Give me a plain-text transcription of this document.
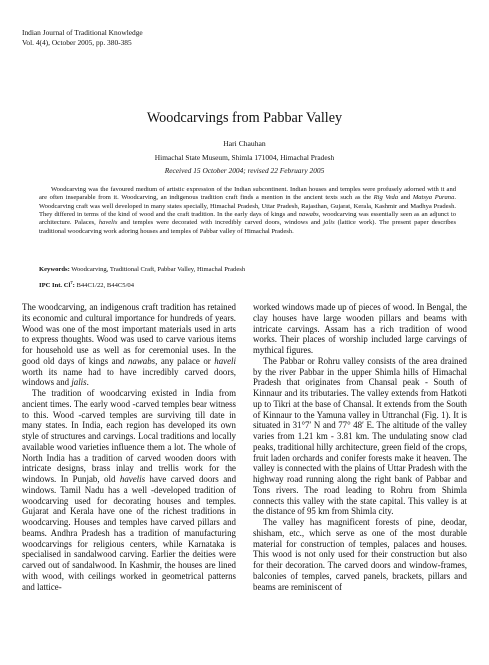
Indian Journal of Traditional Knowledge
Vol. 4(4), October 2005, pp. 380-385
Woodcarvings from Pabbar Valley
Hari Chauhan
Himachal State Museum, Shimla 171004, Himachal Pradesh
Received 15 October 2004; revised 22 February 2005

Woodcarving was the favoured medium of artistic expression of the Indian subcontinent. Indian houses and temples were profusely adorned with it and are often inseparable from it. Woodcarving, an indigenous tradition craft finds a mention in the ancient texts such as the Rig Veda and Matsya Purana. Woodcarving craft was well developed in many states specially, Himachal Pradesh, Uttar Pradesh, Rajasthan, Gujarat, Kerala, Kashmir and Madhya Pradesh. They differed in terms of the kind of wood and the craft tradition. In the early days of kings and nawabs, woodcarving was essentially seen as an adjunct to architecture. Palaces, havelis and temples were decorated with incredibly carved doors, windows and jalis (lattice work). The present paper describes traditional woodcarving work adoring houses and temples of Pabbar valley of Himachal Pradesh.

Keywords: Woodcarving, Traditional Craft, Pabbar Valley, Himachal Pradesh
IPC Int. Cl$^7$: B44C1/22, B44C5/04

The woodcarving, an indigenous craft tradition has retained its economic and cultural importance for hundreds of years. Wood was one of the most important materials used in arts to express thoughts. Wood was used to carve various items for household use as well as for ceremonial uses. In the good old days of kings and nawabs, any palace or haveli worth its name had to have incredibly carved doors, windows and jalis.

The tradition of woodcarving existed in India from ancient times. The early wood -carved temples bear witness to this. Wood -carved temples are surviving till date in many states. In India, each region has developed its own style of structures and carvings. Local traditions and locally available wood varieties influence them a lot. The whole of North India has a tradition of carved wooden doors with intricate designs, brass inlay and trellis work for the windows. In Punjab, old havelis have carved doors and windows. Tamil Nadu has a well -developed tradition of woodcarving used for decorating houses and temples. Gujarat and Kerala have one of the richest traditions in woodcarving. Houses and temples have carved pillars and beams. Andhra Pradesh has a tradition of manufacturing woodcarvings for religious centers, while Karnataka is specialised in sandalwood carving. Earlier the deities were carved out of sandalwood. In Kashmir, the houses are lined with wood, with ceilings worked in geometrical patterns and lattice-

worked windows made up of pieces of wood. In Bengal, the clay houses have large wooden pillars and beams with intricate carvings. Assam has a rich tradition of wood works. Their places of worship included large carvings of mythical figures.

The Pabbar or Rohru valley consists of the area drained by the river Pabbar in the upper Shimla hills of Himachal Pradesh that originates from Chansal peak - South of Kinnaur and its tributaries. The valley extends from Hatkoti up to Tikri at the base of Chansal. It extends from the South of Kinnaur to the Yamuna valley in Uttranchal (Fig. 1). It is situated in 31°7′ N and 77° 48′ E. The altitude of the valley varies from 1.21 km - 3.81 km. The undulating snow clad peaks, traditional hilly architecture, green field of the crops, fruit laden orchards and conifer forests make it heaven. The valley is connected with the plains of Uttar Pradesh with the highway road running along the right bank of Pabbar and Tons rivers. The road leading to Rohru from Shimla connects this valley with the state capital. This valley is at the distance of 95 km from Shimla city.

The valley has magnificent forests of pine, deodar, shisham, etc., which serve as one of the most durable material for construction of temples, palaces and houses. This wood is not only used for their construction but also for their decoration. The carved doors and window-frames, balconies of temples, carved panels, brackets, pillars and beams are reminiscent of
